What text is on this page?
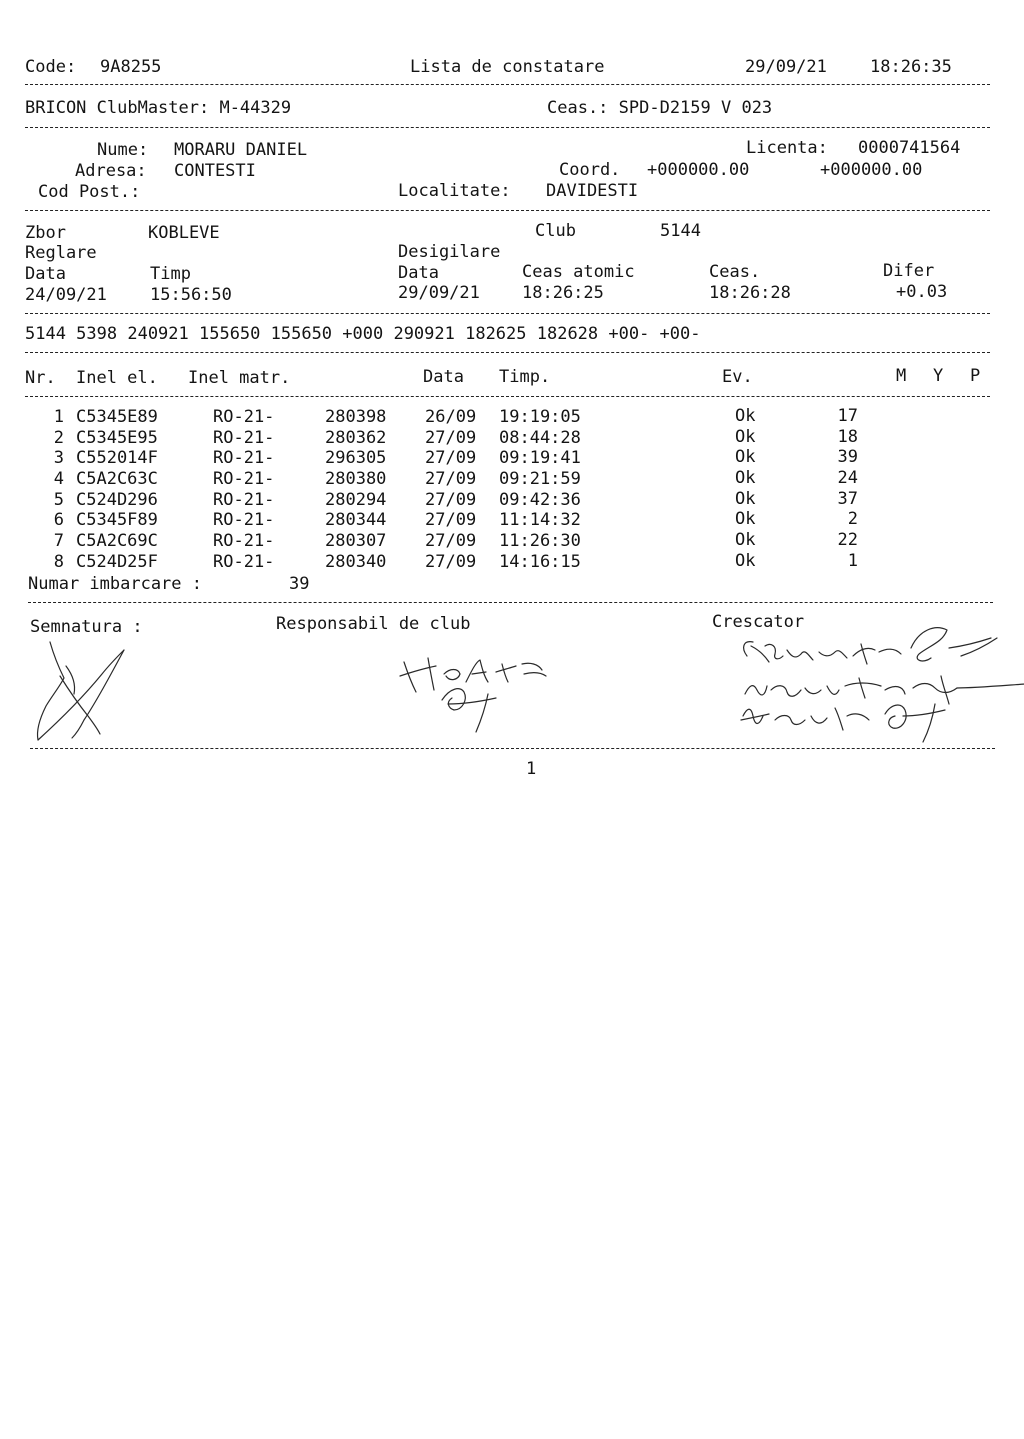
Code: 9A8255	Lista de constatare	29/09/21	18:26:35
BRICON ClubMaster: M-44329	Ceas.: SPD-D2159 V 023
Nume: MORARU DANIEL	Licenta: 0000741564
Adresa: CONTESTI	Coord. +000000.00	+000000.00
Cod Post.:	Localitate: DAVIDESTI
Zbor	KOBLEVE	Club	5144
Reglare	Desigilare
Data	Timp	Data	Ceas atomic	Ceas.	Difer
24/09/21	15:56:50	29/09/21 18:26:25	18:26:28	+0.03
5144 5398 240921 155650 155650 +000 290921 182625 182628 +00- +00-
Nr. Inel el. Inel matr.	Data Timp.	Ev.	M Y P
1 C5345E89	RO-21-	280398 26/09 19:19:05	Ok	17
2 C5345E95	RO-21-	280362 27/09 08:44:28	Ok	18
3 C552014F	RO-21-	296305 27/09 09:19:41	Ok	39
4 C5A2C63C	RO-21-	280380 27/09 09:21:59	Ok	24
5 C524D296	RO-21-	280294 27/09 09:42:36	Ok	37
6 C5345F89	RO-21-	280344 27/09 11:14:32	Ok	2
7 C5A2C69C	RO-21-	280307 27/09 11:26:30	Ok	22
8 C524D25F	RO-21-	280340 27/09 14:16:15	Ok	1
Numar imbarcare :	39
Semnatura :	Responsabil de club	Crescator
1
